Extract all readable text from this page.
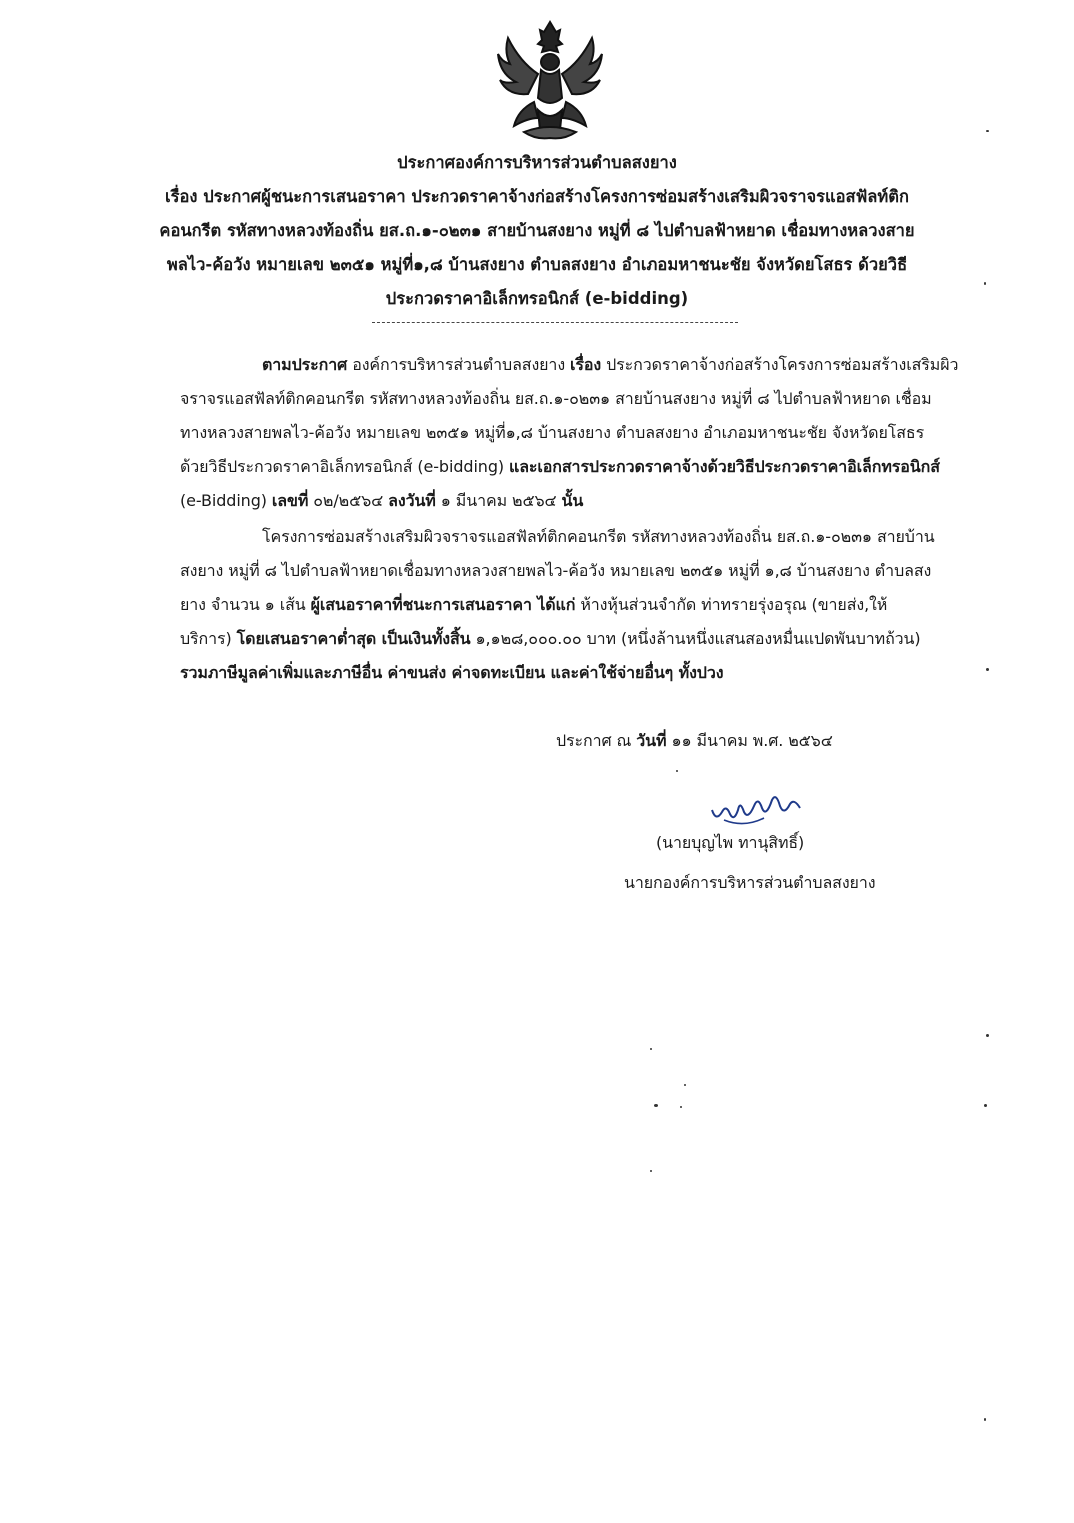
ประกาศองค์การบริหารส่วนตำบลสงยาง
เรื่อง ประกาศผู้ชนะการเสนอราคา ประกวดราคาจ้างก่อสร้างโครงการซ่อมสร้างเสริมผิวจราจรแอสฟัลท์ติก
คอนกรีต รหัสทางหลวงท้องถิ่น ยส.ถ.๑-๐๒๓๑ สายบ้านสงยาง หมู่ที่ ๘ ไปตำบลฟ้าหยาด เชื่อมทางหลวงสาย
พลไว-ค้อวัง หมายเลข ๒๓๕๑ หมู่ที่๑,๘ บ้านสงยาง ตำบลสงยาง อำเภอมหาชนะชัย จังหวัดยโสธร ด้วยวิธี
ประกวดราคาอิเล็กทรอนิกส์ (e-bidding)
ตามประกาศ องค์การบริหารส่วนตำบลสงยาง เรื่อง ประกวดราคาจ้างก่อสร้างโครงการซ่อมสร้างเสริมผิว
จราจรแอสฟัลท์ติกคอนกรีต รหัสทางหลวงท้องถิ่น ยส.ถ.๑-๐๒๓๑ สายบ้านสงยาง หมู่ที่ ๘ ไปตำบลฟ้าหยาด เชื่อม
ทางหลวงสายพลไว-ค้อวัง หมายเลข ๒๓๕๑ หมู่ที่๑,๘ บ้านสงยาง ตำบลสงยาง อำเภอมหาชนะชัย จังหวัดยโสธร
ด้วยวิธีประกวดราคาอิเล็กทรอนิกส์ (e-bidding) และเอกสารประกวดราคาจ้างด้วยวิธีประกวดราคาอิเล็กทรอนิกส์
(e-Bidding) เลขที่ ๐๒/๒๕๖๔ ลงวันที่ ๑ มีนาคม ๒๕๖๔ นั้น
โครงการซ่อมสร้างเสริมผิวจราจรแอสฟัลท์ติกคอนกรีต รหัสทางหลวงท้องถิ่น ยส.ถ.๑-๐๒๓๑ สายบ้าน
สงยาง หมู่ที่ ๘ ไปตำบลฟ้าหยาดเชื่อมทางหลวงสายพลไว-ค้อวัง หมายเลข ๒๓๕๑ หมู่ที่ ๑,๘ บ้านสงยาง ตำบลสง
ยาง จำนวน ๑ เส้น ผู้เสนอราคาที่ชนะการเสนอราคา ได้แก่ ห้างหุ้นส่วนจำกัด ท่าทรายรุ่งอรุณ (ขายส่ง,ให้
บริการ) โดยเสนอราคาต่ำสุด เป็นเงินทั้งสิ้น ๑,๑๒๘,๐๐๐.๐๐ บาท (หนึ่งล้านหนึ่งแสนสองหมื่นแปดพันบาทถ้วน)
รวมภาษีมูลค่าเพิ่มและภาษีอื่น ค่าขนส่ง ค่าจดทะเบียน และค่าใช้จ่ายอื่นๆ ทั้งปวง
ประกาศ ณ วันที่ ๑๑ มีนาคม พ.ศ. ๒๕๖๔
(นายบุญไพ ทานุสิทธิ์)
นายกองค์การบริหารส่วนตำบลสงยาง
